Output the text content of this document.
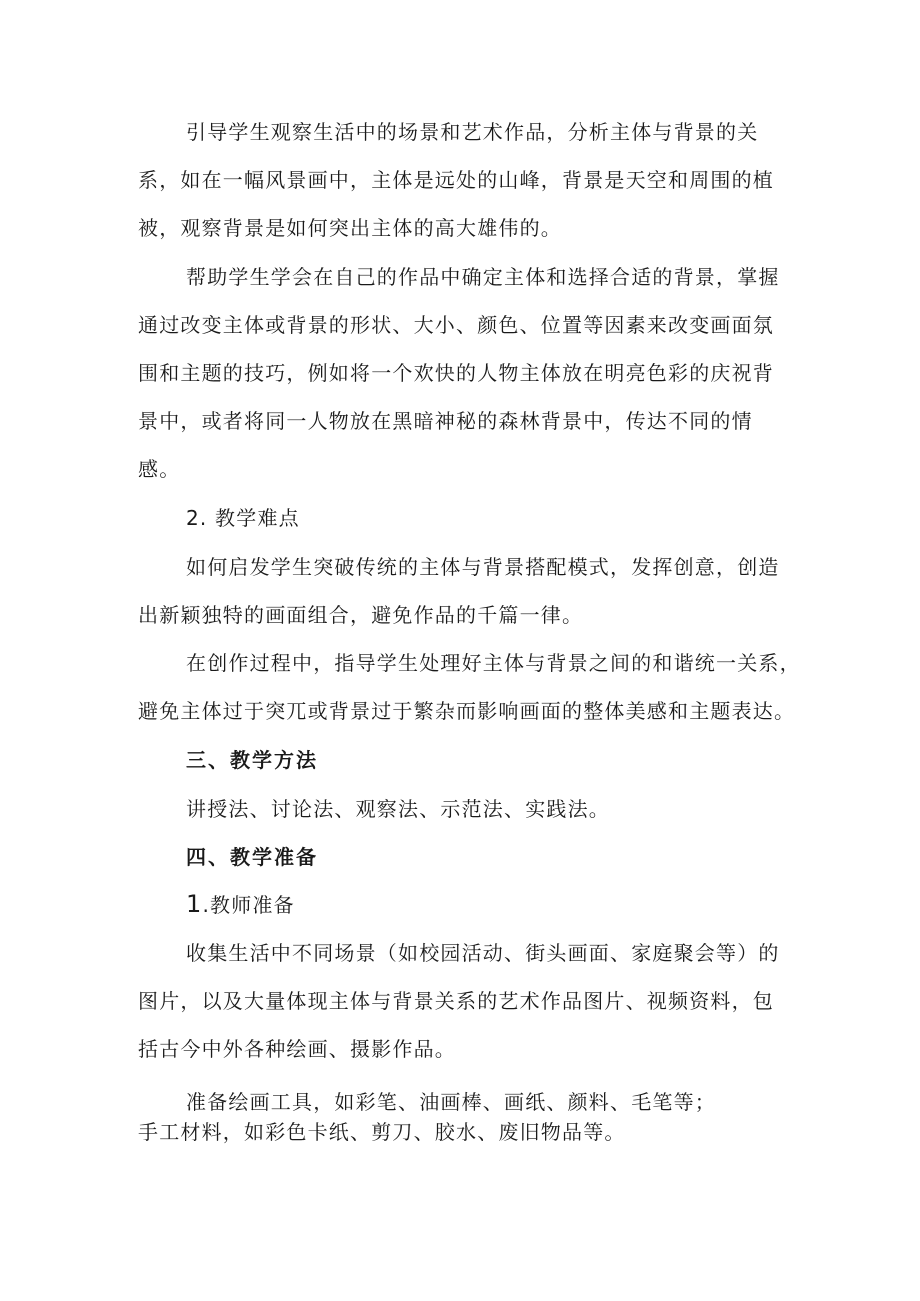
引导学生观察生活中的场景和艺术作品，分析主体与背景的关
系，如在一幅风景画中，主体是远处的山峰，背景是天空和周围的植
被，观察背景是如何突出主体的高大雄伟的。
帮助学生学会在自己的作品中确定主体和选择合适的背景，掌握
通过改变主体或背景的形状、大小、颜色、位置等因素来改变画面氛
围和主题的技巧，例如将一个欢快的人物主体放在明亮色彩的庆祝背
景中，或者将同一人物放在黑暗神秘的森林背景中，传达不同的情
感。
2. 教学难点
如何启发学生突破传统的主体与背景搭配模式，发挥创意，创造
出新颖独特的画面组合，避免作品的千篇一律。
在创作过程中，指导学生处理好主体与背景之间的和谐统一关系，
避免主体过于突兀或背景过于繁杂而影响画面的整体美感和主题表达。
三、教学方法
讲授法、讨论法、观察法、示范法、实践法。
四、教学准备
1.教师准备
收集生活中不同场景（如校园活动、街头画面、家庭聚会等）的
图片，以及大量体现主体与背景关系的艺术作品图片、视频资料，包
括古今中外各种绘画、摄影作品。
准备绘画工具，如彩笔、油画棒、画纸、颜料、毛笔等；
手工材料，如彩色卡纸、剪刀、胶水、废旧物品等。
